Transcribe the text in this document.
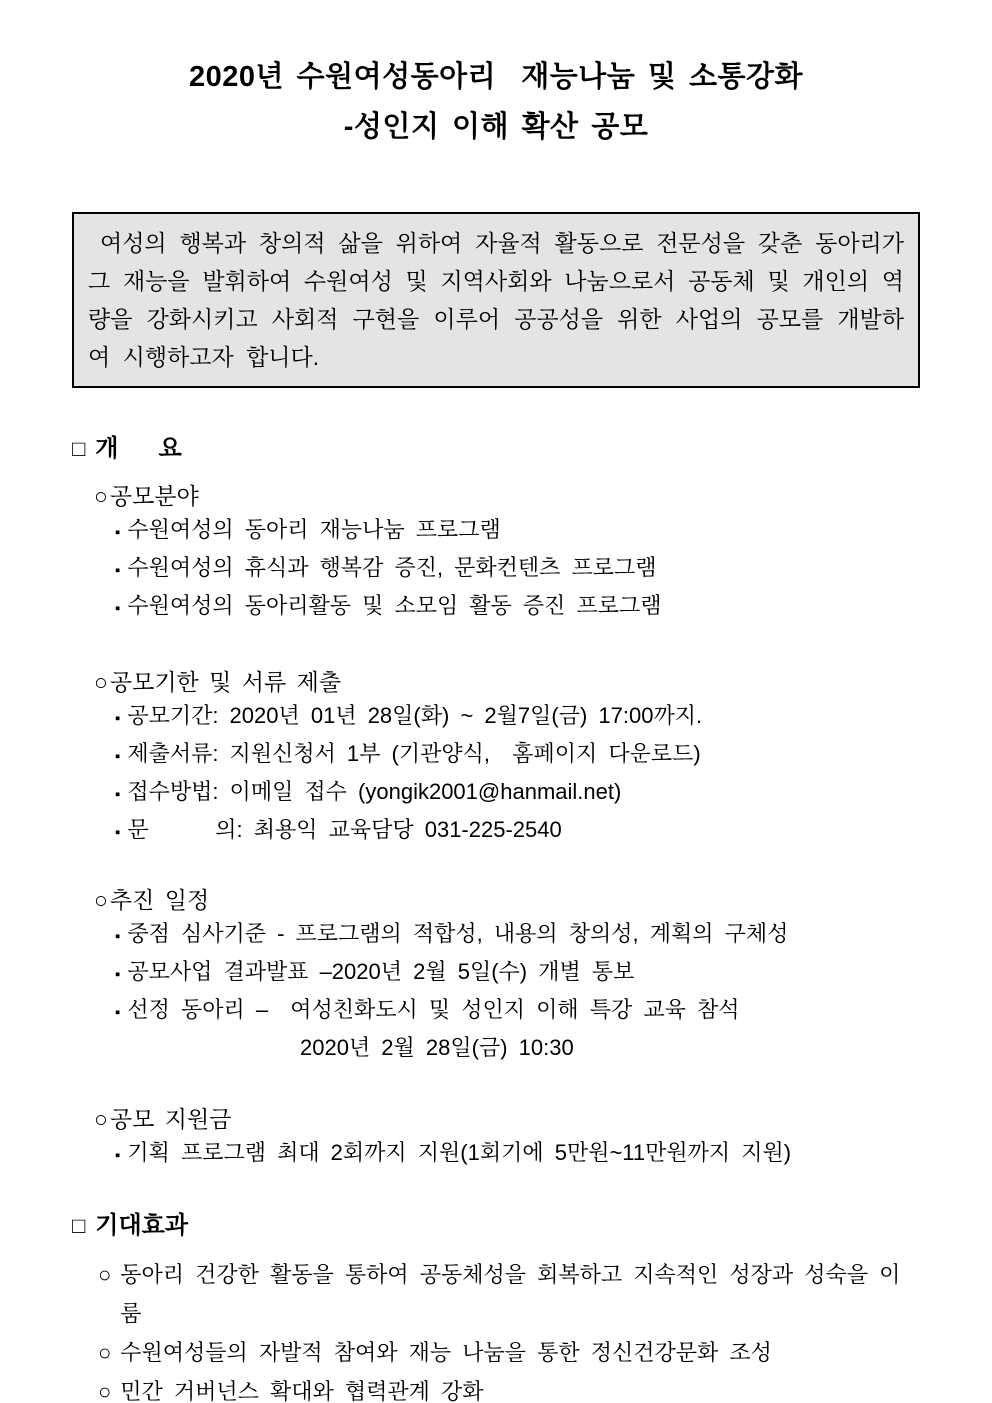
2020년 수원여성동아리  재능나눔 및 소통강화
-성인지 이해 확산 공모

여성의 행복과 창의적 삶을 위하여 자율적 활동으로 전문성을 갖춘 동아리가 그 재능을 발휘하여 수원여성 및 지역사회와 나눔으로서 공동체 및 개인의 역량을 강화시키고 사회적 구현을 이루어 공공성을 위한 사업의 공모를 개발하여 시행하고자 합니다.

□ 개      요
○공모분야
▪ 수원여성의 동아리 재능나눔 프로그램
▪ 수원여성의 휴식과 행복감 증진, 문화컨텐츠 프로그램
▪ 수원여성의 동아리활동 및 소모임 활동 증진 프로그램
○공모기한 및 서류 제출
▪ 공모기간: 2020년 01년 28일(화) ~ 2월7일(금) 17:00까지.
▪ 제출서류: 지원신청서 1부 (기관양식,  홈페이지 다운로드)
▪ 접수방법: 이메일 접수 (yongik2001@hanmail.net)
▪ 문      의: 최용익 교육담당 031-225-2540
○추진 일정
▪ 중점 심사기준 - 프로그램의 적합성, 내용의 창의성, 계획의 구체성
▪ 공모사업 결과발표 –2020년 2월 5일(수) 개별 통보
▪ 선정 동아리 –  여성친화도시 및 성인지 이해 특강 교육 참석
2020년 2월 28일(금) 10:30
○공모 지원금
▪ 기획 프로그램 최대 2회까지 지원(1회기에 5만원~11만원까지 지원)
□ 기대효과
○ 동아리 건강한 활동을 통하여 공동체성을 회복하고 지속적인 성장과 성숙을 이룸
○ 수원여성들의 자발적 참여와 재능 나눔을 통한 정신건강문화 조성
○ 민간 거버넌스 확대와 협력관계 강화
